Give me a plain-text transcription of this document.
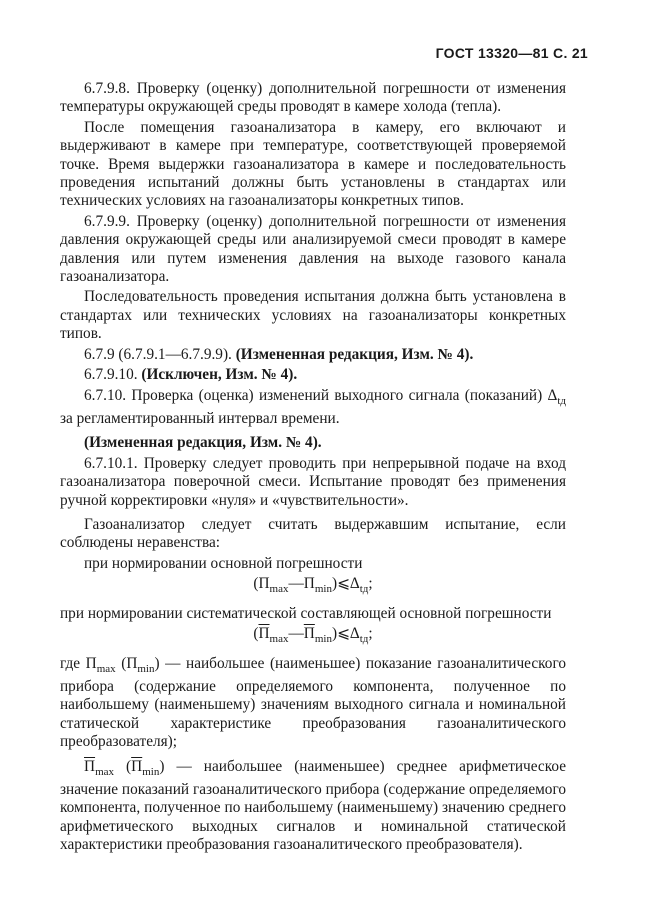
ГОСТ 13320—81 С. 21

6.7.9.8. Проверку (оценку) дополнительной погрешности от изменения температуры окружающей среды проводят в камере холода (тепла).

После помещения газоанализатора в камеру, его включают и выдерживают в камере при температуре, соответствующей проверяемой точке. Время выдержки газоанализатора в камере и последовательность проведения испытаний должны быть установлены в стандартах или технических условиях на газоанализаторы конкретных типов.

6.7.9.9. Проверку (оценку) дополнительной погрешности от изменения давления окружающей среды или анализируемой смеси проводят в камере давления или путем изменения давления на выходе газового канала газоанализатора.

Последовательность проведения испытания должна быть установлена в стандартах или технических условиях на газоанализаторы конкретных типов.

6.7.9 (6.7.9.1—6.7.9.9). (Измененная редакция, Изм. № 4).

6.7.9.10. (Исключен, Изм. № 4).

6.7.10. Проверка (оценка) изменений выходного сигнала (показаний) $\Delta_{tд}$ за регламентированный интервал времени.

(Измененная редакция, Изм. № 4).

6.7.10.1. Проверку следует проводить при непрерывной подаче на вход газоанализатора поверочной смеси. Испытание проводят без применения ручной корректировки «нуля» и «чувствительности».

Газоанализатор следует считать выдержавшим испытание, если соблюдены неравенства:

при нормировании основной погрешности

$(П_{max}—П_{min})⩽\Delta_{tд}$;

при нормировании систематической составляющей основной погрешности

$(П_{max}—П_{min})⩽\Delta_{tд}$;

где $П_{max}$ $(П_{min})$ — наибольшее (наименьшее) показание газоаналитического прибора (содержание определяемого компонента, полученное по наибольшему (наименьшему) значениям выходного сигнала и номинальной статической характеристике преобразования газоаналитического преобразователя);

$П_{max}$ $(П_{min})$ — наибольшее (наименьшее) среднее арифметическое значение показаний газоаналитического прибора (содержание определяемого компонента, полученное по наибольшему (наименьшему) значению среднего арифметического выходных сигналов и номинальной статической характеристики преобразования газоаналитического преобразователя).
